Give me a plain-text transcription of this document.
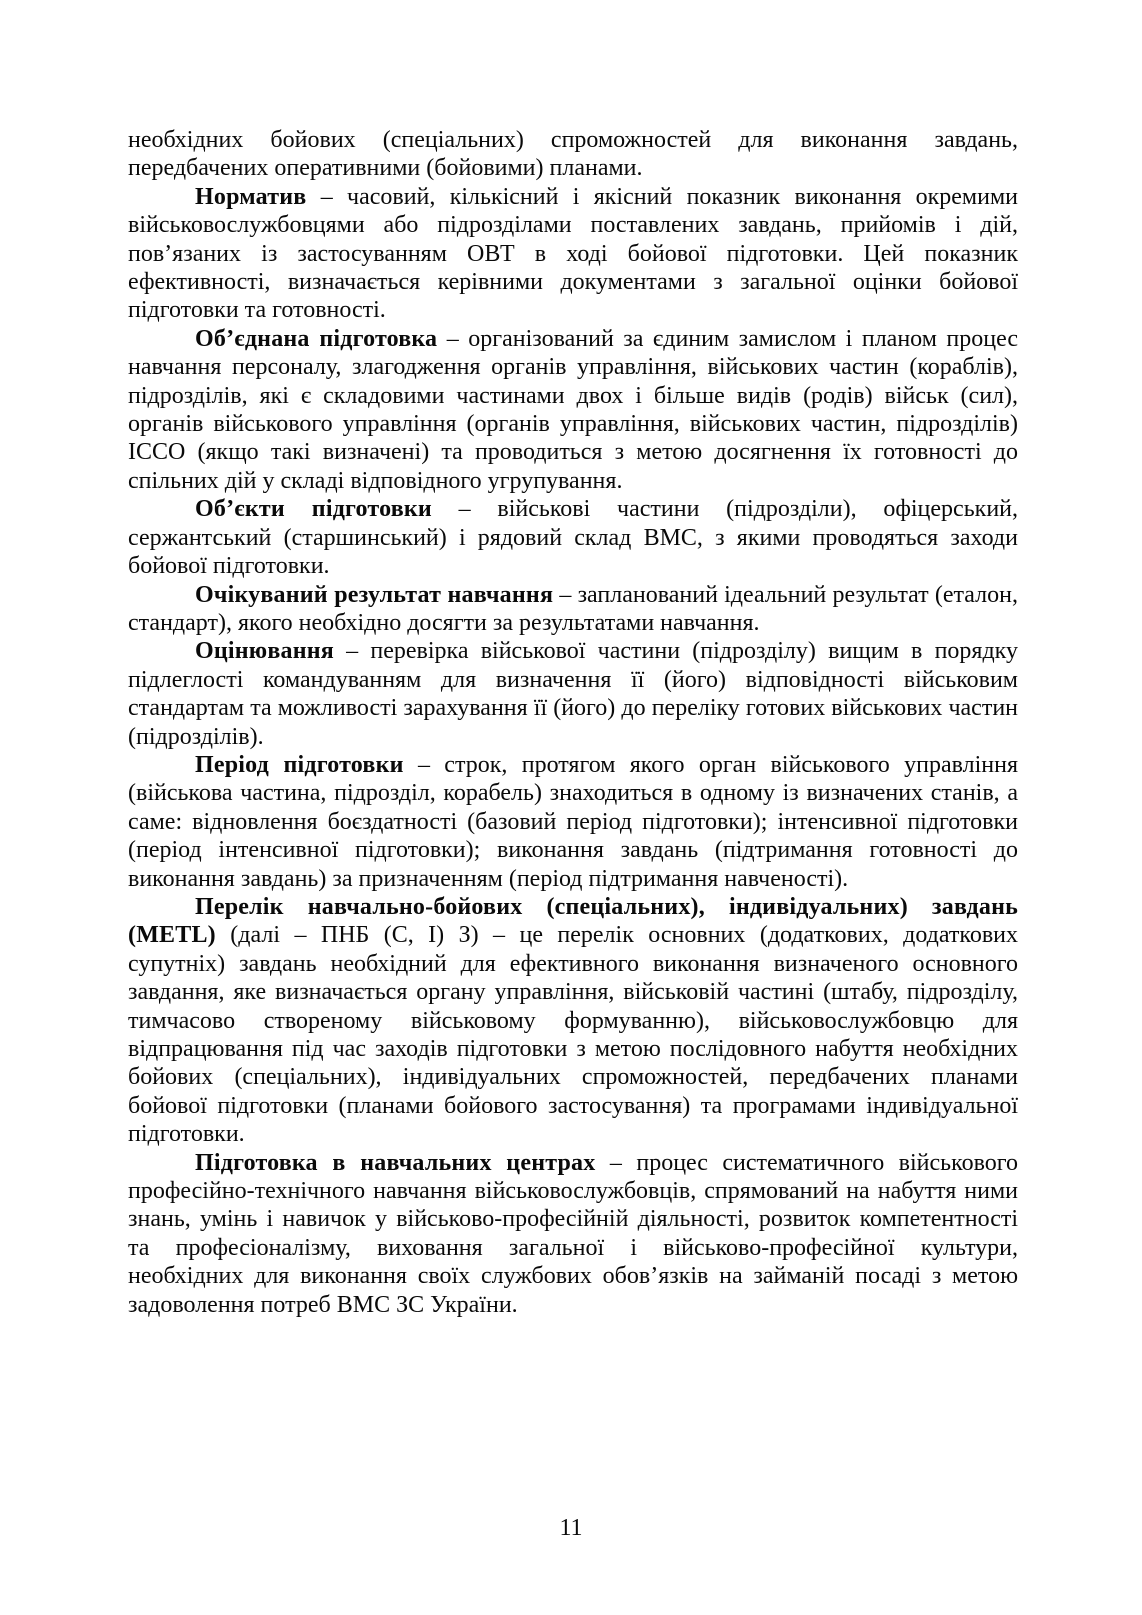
необхідних бойових (спеціальних) спроможностей для виконання завдань, передбачених оперативними (бойовими) планами.

Норматив – часовий, кількісний і якісний показник виконання окремими військовослужбовцями або підрозділами поставлених завдань, прийомів і дій, пов’язаних із застосуванням ОВТ в ході бойової підготовки. Цей показник ефективності, визначається керівними документами з загальної оцінки бойової підготовки та готовності.

Об’єднана підготовка – організований за єдиним замислом і планом процес навчання персоналу, злагодження органів управління, військових частин (кораблів), підрозділів, які є складовими частинами двох і більше видів (родів) військ (сил), органів військового управління (органів управління, військових частин, підрозділів) ІССО (якщо такі визначені) та проводиться з метою досягнення їх готовності до спільних дій у складі відповідного угрупування.

Об’єкти підготовки – військові частини (підрозділи), офіцерський, сержантський (старшинський) і рядовий склад ВМС, з якими проводяться заходи бойової підготовки.

Очікуваний результат навчання – запланований ідеальний результат (еталон, стандарт), якого необхідно досягти за результатами навчання.

Оцінювання – перевірка військової частини (підрозділу) вищим в порядку підлеглості командуванням для визначення її (його) відповідності військовим стандартам та можливості зарахування її (його) до переліку готових військових частин (підрозділів).

Період підготовки – строк, протягом якого орган військового управління (військова частина, підрозділ, корабель) знаходиться в одному із визначених станів, а саме: відновлення боєздатності (базовий період підготовки); інтенсивної підготовки (період інтенсивної підготовки); виконання завдань (підтримання готовності до виконання завдань) за призначенням (період підтримання навченості).

Перелік навчально-бойових (спеціальних), індивідуальних) завдань (METL) (далі – ПНБ (С, І) З) – це перелік основних (додаткових, додаткових супутніх) завдань необхідний для ефективного виконання визначеного основного завдання, яке визначається органу управління, військовій частині (штабу, підрозділу, тимчасово створеному військовому формуванню), військовослужбовцю для відпрацювання під час заходів підготовки з метою послідовного набуття необхідних бойових (спеціальних), індивідуальних спроможностей, передбачених планами бойової підготовки (планами бойового застосування) та програмами індивідуальної підготовки.

Підготовка в навчальних центрах – процес систематичного військового професійно-технічного навчання військовослужбовців, спрямований на набуття ними знань, умінь і навичок у військово-професійній діяльності, розвиток компетентності та професіоналізму, виховання загальної і військово-професійної культури, необхідних для виконання своїх службових обов’язків на займаній посаді з метою задоволення потреб ВМС ЗС України.

11
